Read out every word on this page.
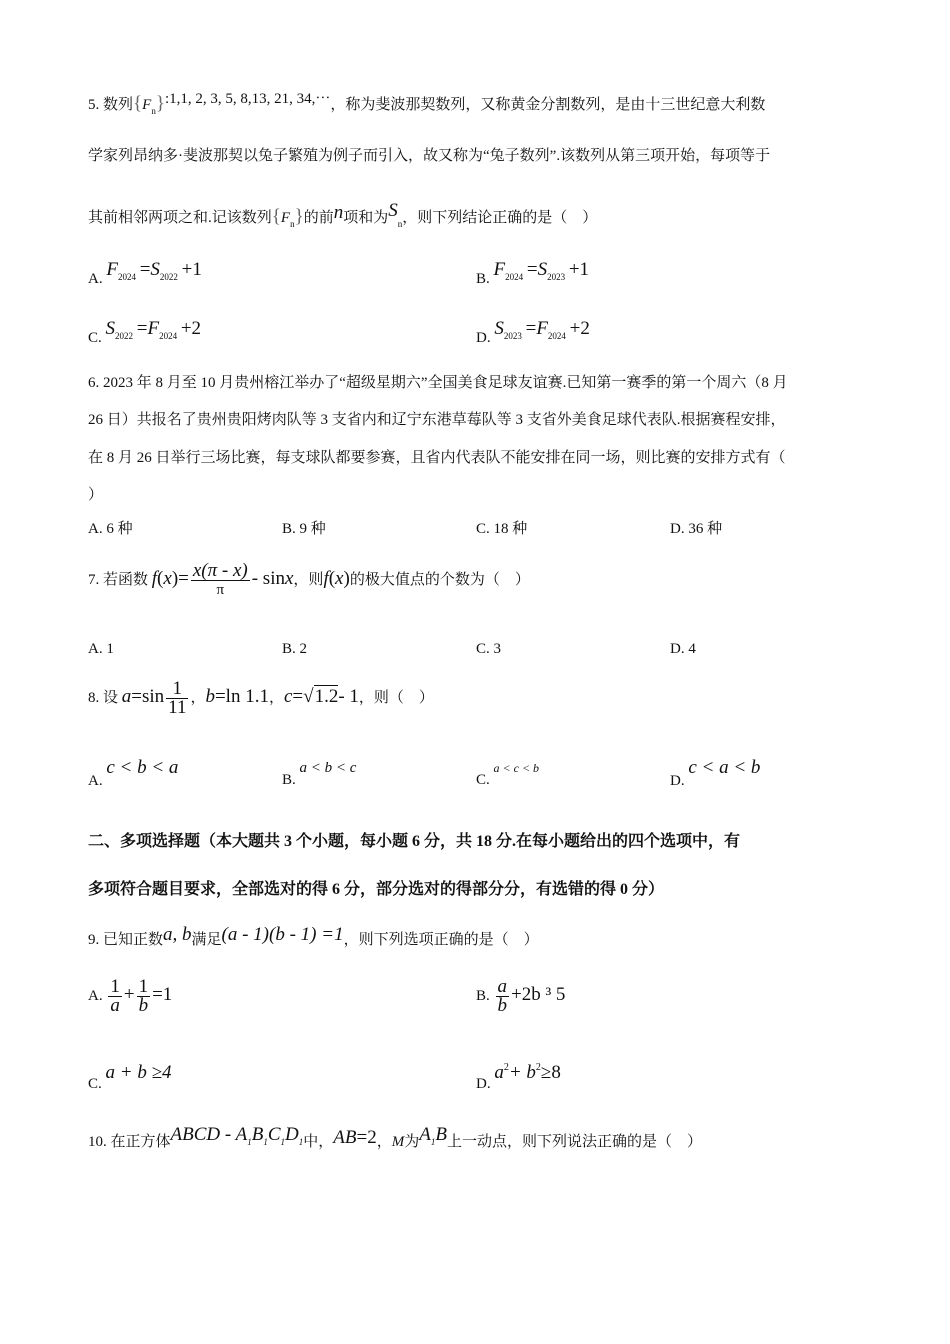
5. 数列$\{F_n\}:1,1$, 2, 3, 5, 8,13, 21, 34,⋯，称为斐波那契数列，又称黄金分割数列，是由十三世纪意大利数
学家列昂纳多·斐波那契以兔子繁殖为例子而引入，故又称为“兔子数列”.该数列从第三项开始，每项等于
其前相邻两项之和.记该数列$\{F_n\}$的前n项和为$S_n$，则下列结论正确的是（　）
A. $F_{2024} =S_{2022} +1$	B. $F_{2024} =S_{2023} +1$
C. $S_{2022} =F_{2024} +2$	D. $S_{2023} =F_{2024} +2$
6. 2023 年 8 月至 10 月贵州榕江举办了“超级星期六”全国美食足球友谊赛.已知第一赛季的第一个周六（8 月
26 日）共报名了贵州贵阳烤肉队等 3 支省内和辽宁东港草莓队等 3 支省外美食足球代表队.根据赛程安排，
在 8 月 26 日举行三场比赛，每支球队都要参赛，且省内代表队不能安排在同一场，则比赛的安排方式有（
）
A. 6 种	B. 9 种	C. 18 种	D. 36 种
7. 若函数 $f(x)= \frac{x(\pi - x)}{\pi} - \sin x$，则f(x)的极大值点的个数为（　）
A. 1	B. 2	C. 3	D. 4
8. 设 $a=\sin \frac{1}{11}$ ，b=ln 1.1，c=√1.2- 1，则（　）
A. c < b < a
B. a < b < c
C. a < c < b
D. c < a < b
二、多项选择题（本大题共 3 个小题，每小题 6 分，共 18 分.在每小题给出的四个选项中，有
多项符合题目要求，全部选对的得 6 分，部分选对的得部分分，有选错的得 0 分）
9. 已知正数a, b满足(a - 1)(b - 1) =1，则下列选项正确的是（　）
A. $\frac{1}{a} + \frac{1}{b} =1$	B. $\frac{a}{b} +2b$ ³ 5
C. a + b ≥4
D. $a^2+ b^2\ge 8$
10. 在正方体ABCD - $A_1B_1C_1D_1$中，AB=2，M为$A_1B$上一动点，则下列说法正确的是（　）
